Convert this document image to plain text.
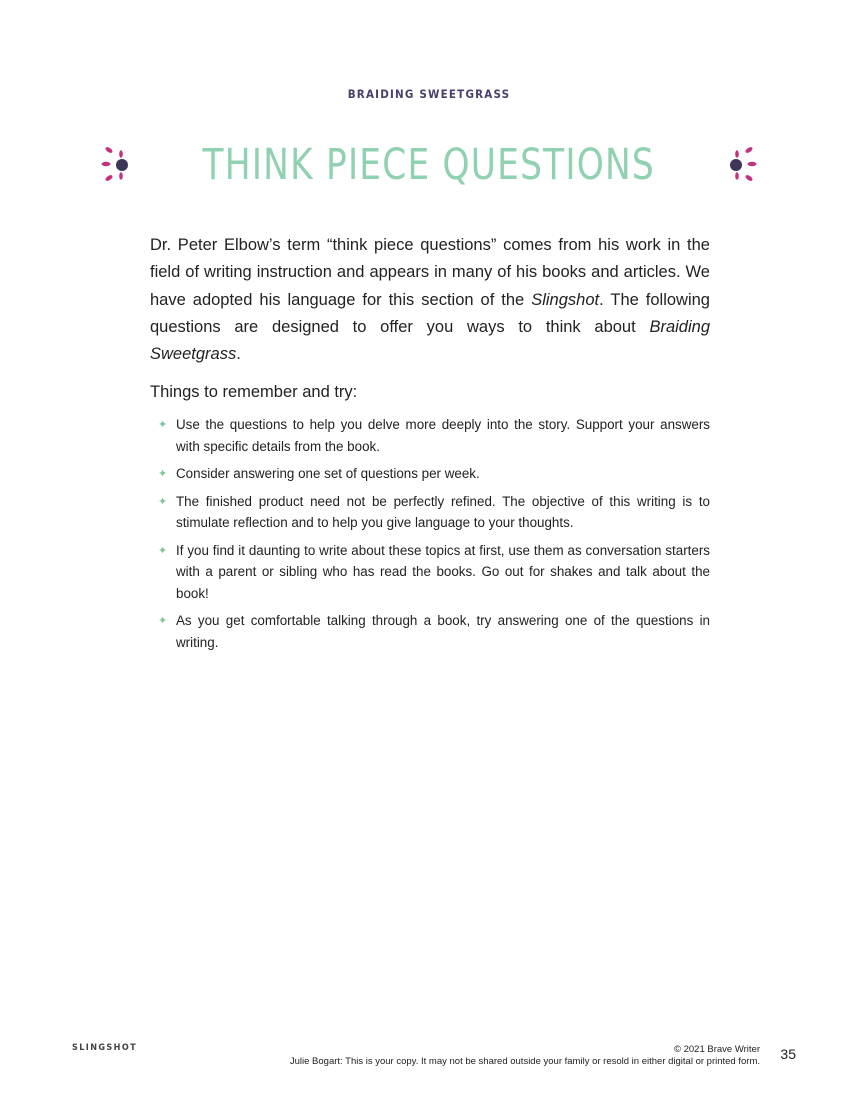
BRAIDING SWEETGRASS
THINK PIECE QUESTIONS

Dr. Peter Elbow’s term “think piece questions” comes from his work in the field of writing instruction and appears in many of his books and articles. We have adopted his language for this section of the Slingshot. The following questions are designed to offer you ways to think about Braiding Sweetgrass.

Things to remember and try:

✦ Use the questions to help you delve more deeply into the story. Support your answers with specific details from the book.
✦ Consider answering one set of questions per week.
✦ The finished product need not be perfectly refined. The objective of this writing is to stimulate reflection and to help you give language to your thoughts.
✦ If you find it daunting to write about these topics at first, use them as conversation starters with a parent or sibling who has read the books. Go out for shakes and talk about the book!
✦ As you get comfortable talking through a book, try answering one of the questions in writing.
SLINGSHOT	© 2021 Brave Writer
Julie Bogart: This is your copy. It may not be shared outside your family or resold in either digital or printed form. 35
